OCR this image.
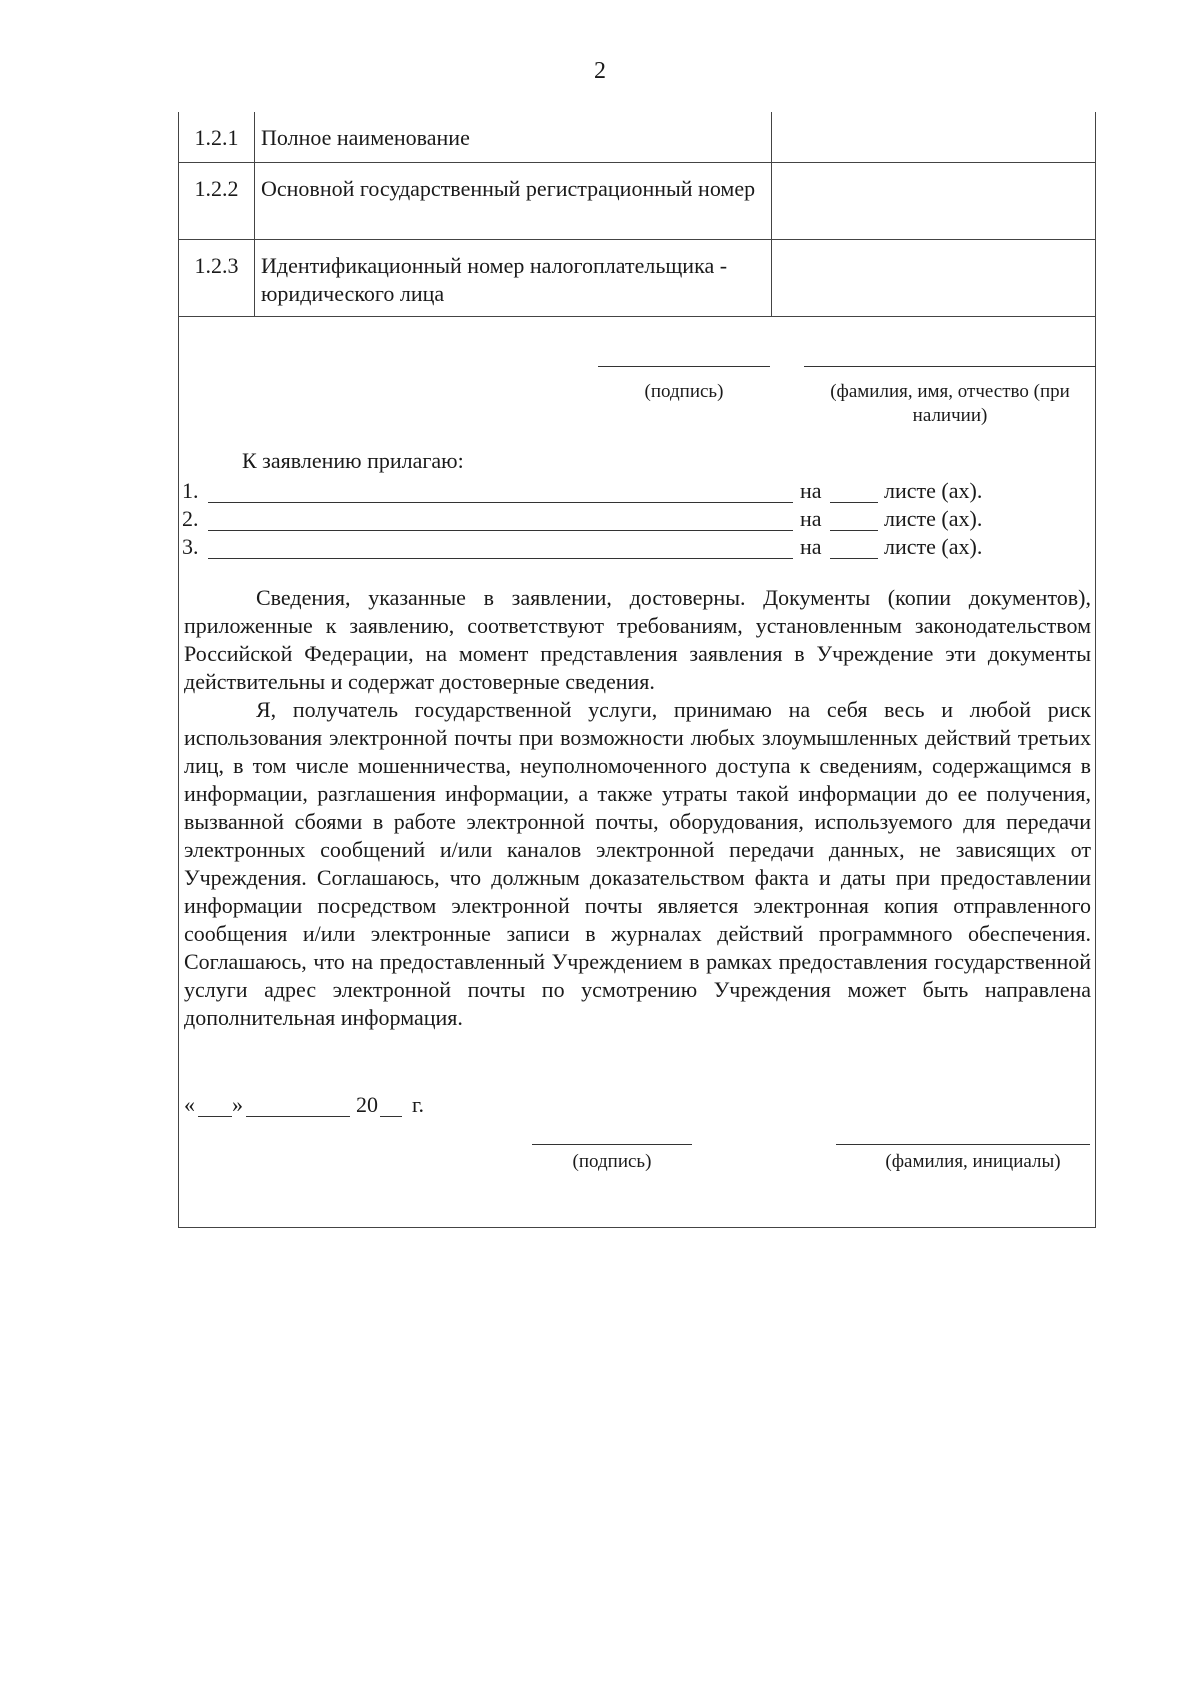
2
1.2.1	Полное наименование	
1.2.2	Основной государственный регистрационный номер	
1.2.3	Идентификационный номер налогоплательщика - юридического лица	
(подпись)	(фамилия, имя, отчество (при наличии)
К заявлению прилагаю:
1.	на	листе (ах).
2.	на	листе (ах).
3.	на	листе (ах).

Сведения, указанные в заявлении, достоверны. Документы (копии документов), приложенные к заявлению, соответствуют требованиям, установленным законодательством Российской Федерации, на момент представления заявления в Учреждение эти документы действительны и содержат достоверные сведения.

Я, получатель государственной услуги, принимаю на себя весь и любой риск использования электронной почты при возможности любых злоумышленных действий третьих лиц, в том числе мошенничества, неуполномоченного доступа к сведениям, содержащимся в информации, разглашения информации, а также утраты такой информации до ее получения, вызванной сбоями в работе электронной почты, оборудования, используемого для передачи электронных сообщений и/или каналов электронной передачи данных, не зависящих от Учреждения. Соглашаюсь, что должным доказательством факта и даты при предоставлении информации посредством электронной почты является электронная копия отправленного сообщения и/или электронные записи в журналах действий программного обеспечения. Соглашаюсь, что на предоставленный Учреждением в рамках предоставления государственной услуги адрес электронной почты по усмотрению Учреждения может быть направлена дополнительная информация.

« »	20 г.
(подпись)	(фамилия, инициалы)
